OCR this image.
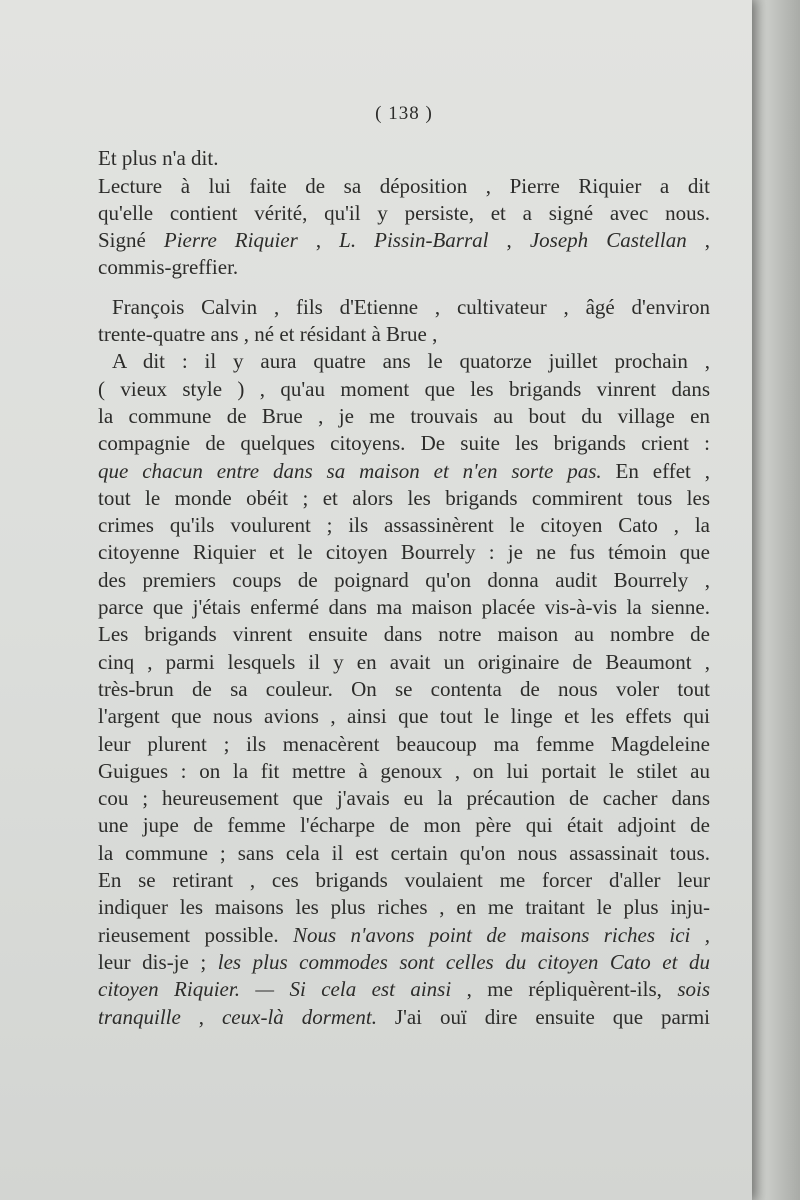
( 138 )
Et plus n'a dit.
Lecture à lui faite de sa déposition , Pierre Riquier a dit
qu'elle contient vérité, qu'il y persiste, et a signé avec nous.
Signé Pierre Riquier , L. Pissin-Barral , Joseph Castellan ,
commis-greffier.
François Calvin , fils d'Etienne , cultivateur , âgé d'environ
trente-quatre ans , né et résidant à Brue ,
A dit : il y aura quatre ans le quatorze juillet prochain ,
( vieux style ) , qu'au moment que les brigands vinrent dans
la commune de Brue , je me trouvais au bout du village en
compagnie de quelques citoyens. De suite les brigands crient :
que chacun entre dans sa maison et n'en sorte pas. En effet ,
tout le monde obéit ; et alors les brigands commirent tous les
crimes qu'ils voulurent ; ils assassinèrent le citoyen Cato , la
citoyenne Riquier et le citoyen Bourrely : je ne fus témoin que
des premiers coups de poignard qu'on donna audit Bourrely ,
parce que j'étais enfermé dans ma maison placée vis-à-vis la sienne.
Les brigands vinrent ensuite dans notre maison au nombre de
cinq , parmi lesquels il y en avait un originaire de Beaumont ,
très-brun de sa couleur. On se contenta de nous voler tout
l'argent que nous avions , ainsi que tout le linge et les effets qui
leur plurent ; ils menacèrent beaucoup ma femme Magdeleine
Guigues : on la fit mettre à genoux , on lui portait le stilet au
cou ; heureusement que j'avais eu la précaution de cacher dans
une jupe de femme l'écharpe de mon père qui était adjoint de
la commune ; sans cela il est certain qu'on nous assassinait tous.
En se retirant , ces brigands voulaient me forcer d'aller leur
indiquer les maisons les plus riches , en me traitant le plus inju-
rieusement possible. Nous n'avons point de maisons riches ici ,
leur dis-je ; les plus commodes sont celles du citoyen Cato et du
citoyen Riquier. — Si cela est ainsi , me répliquèrent-ils, sois
tranquille , ceux-là dorment. J'ai ouï dire ensuite que parmi
